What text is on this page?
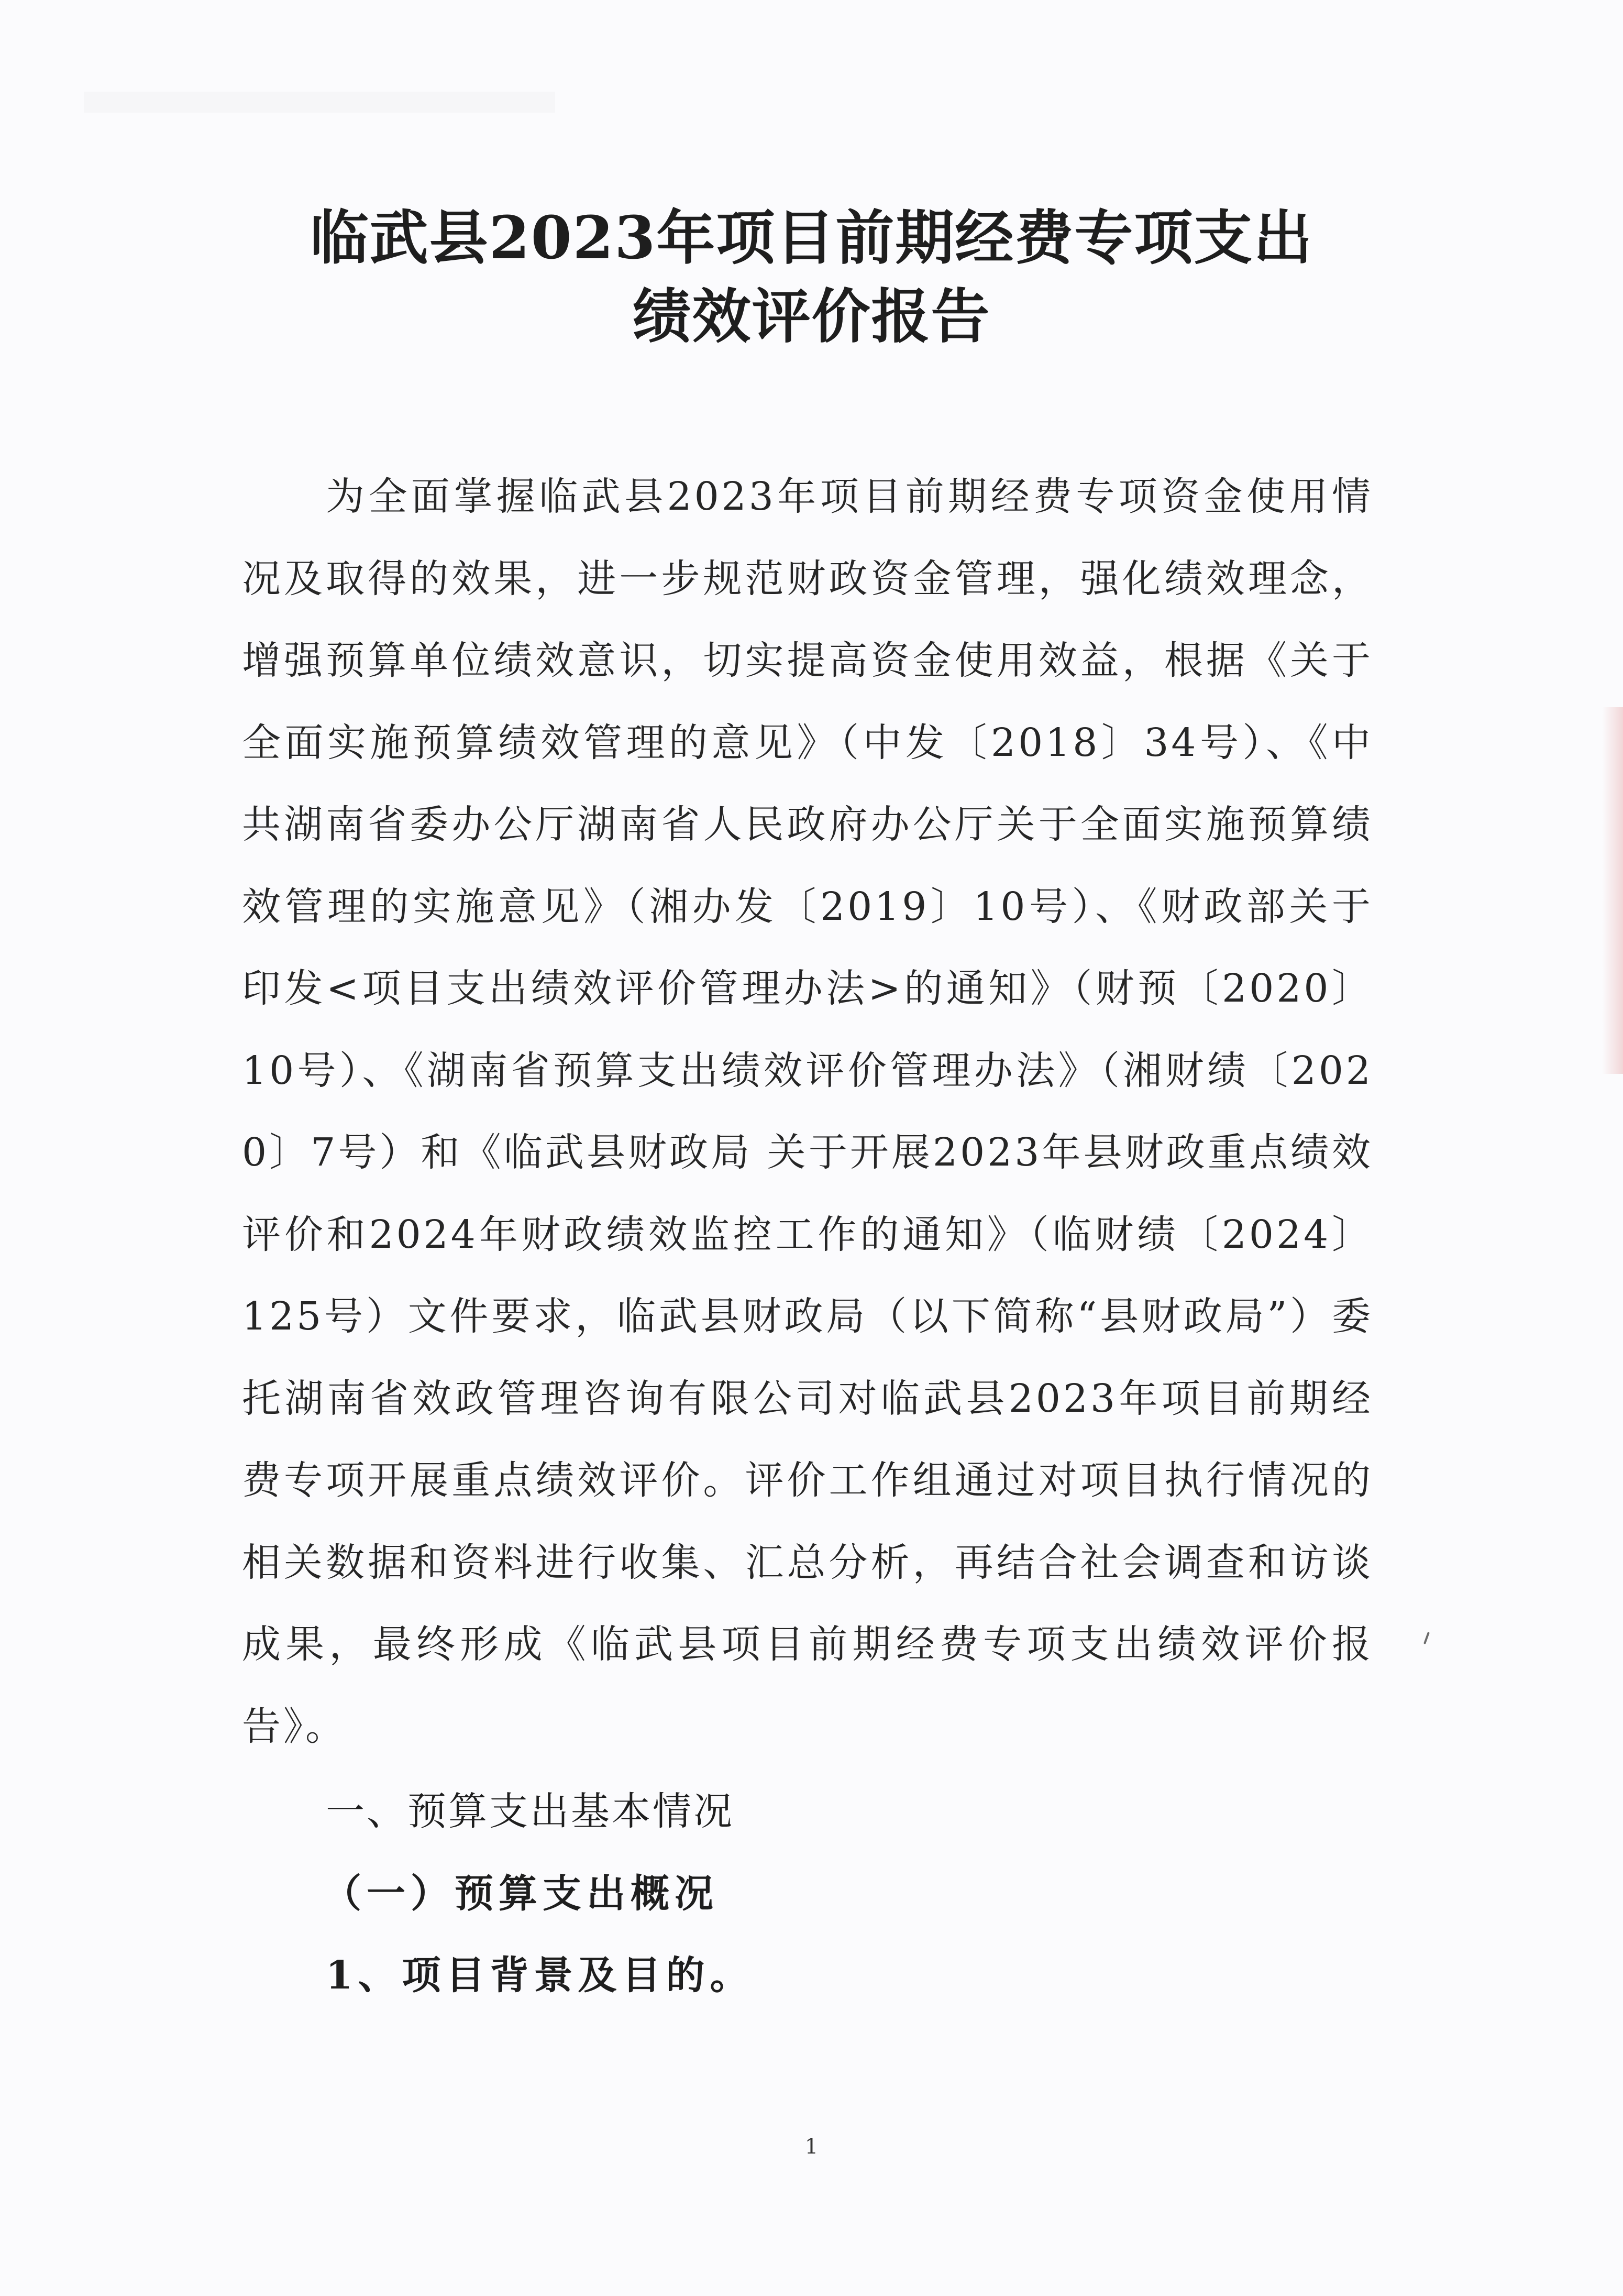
临武县2023年项目前期经费专项支出
绩效评价报告

为全面掌握临武县2023年项目前期经费专项资金使用情况及取得的效果，进一步规范财政资金管理，强化绩效理念，增强预算单位绩效意识，切实提高资金使用效益，根据《关于全面实施预算绩效管理的意见》（中发〔2018〕34号）、《中共湖南省委办公厅湖南省人民政府办公厅关于全面实施预算绩效管理的实施意见》（湘办发〔2019〕10号）、《财政部关于印发<项目支出绩效评价管理办法>的通知》（财预〔2020〕10号）、《湖南省预算支出绩效评价管理办法》（湘财绩〔2020〕7号）和《临武县财政局 关于开展2023年县财政重点绩效评价和2024年财政绩效监控工作的通知》（临财绩〔2024〕125号）文件要求，临武县财政局（以下简称“县财政局”）委托湖南省效政管理咨询有限公司对临武县2023年项目前期经费专项开展重点绩效评价。评价工作组通过对项目执行情况的相关数据和资料进行收集、汇总分析，再结合社会调查和访谈成果，最终形成《临武县项目前期经费专项支出绩效评价报告》。

一、预算支出基本情况

（一）预算支出概况

1、项目背景及目的。

1
